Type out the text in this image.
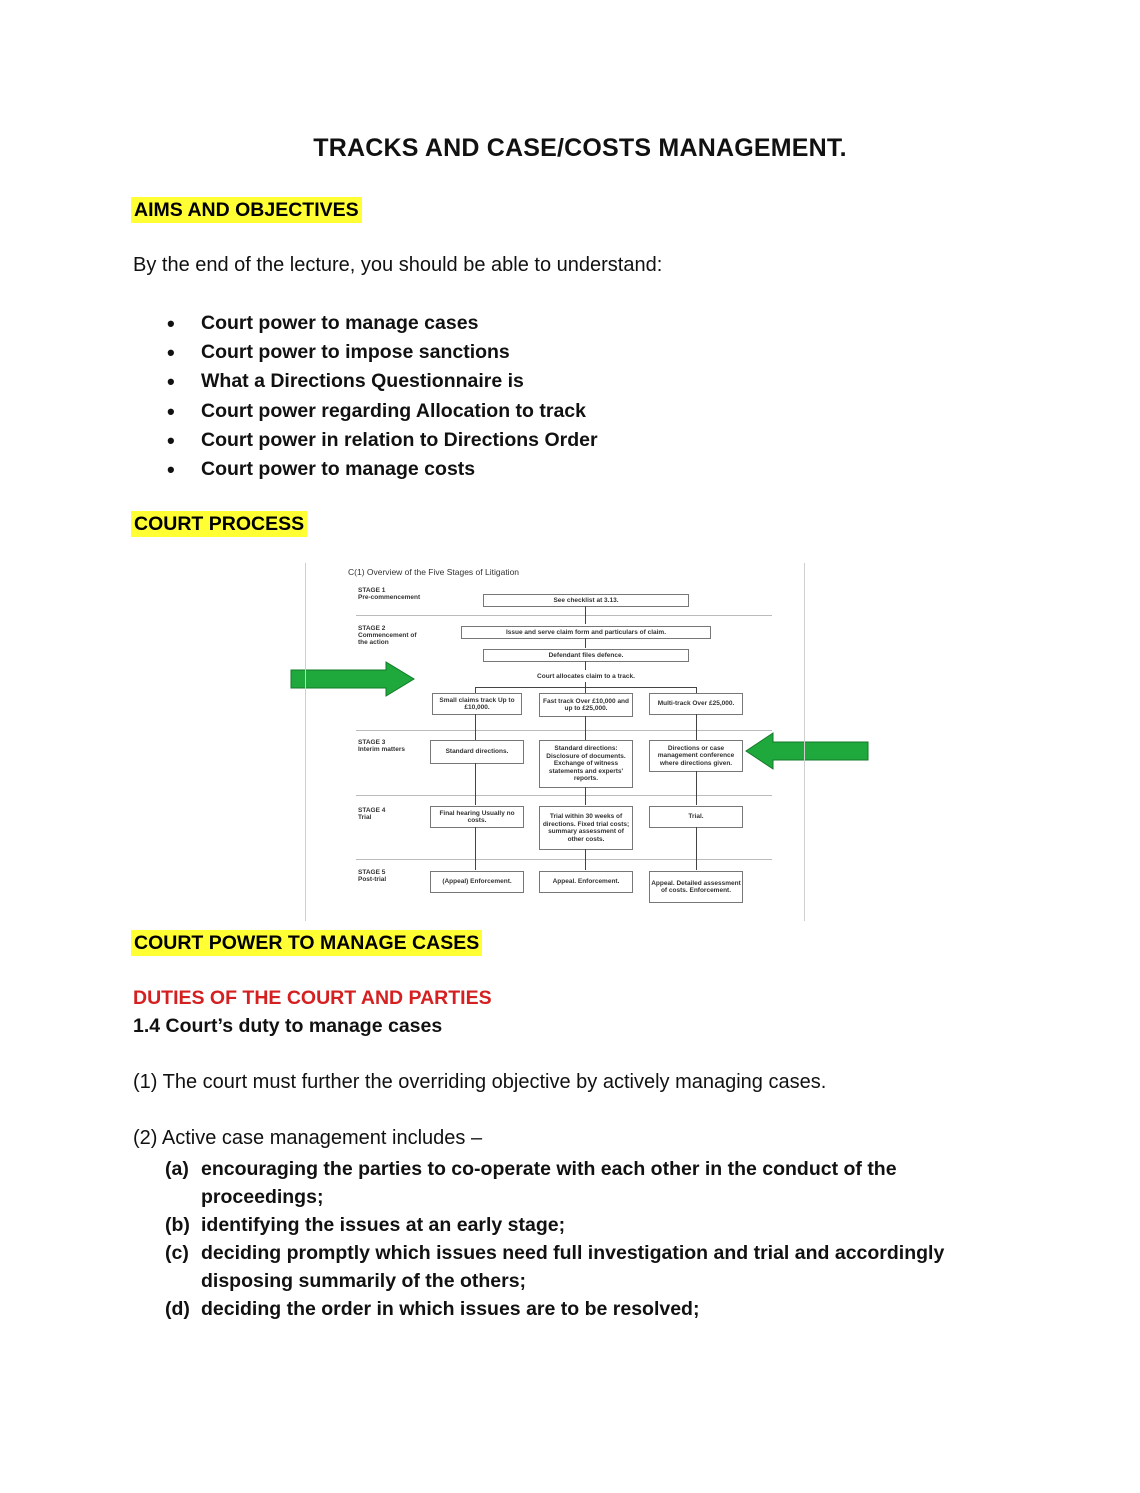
TRACKS AND CASE/COSTS MANAGEMENT.
AIMS AND OBJECTIVES
By the end of the lecture, you should be able to understand:
• Court power to manage cases
• Court power to impose sanctions
• What a Directions Questionnaire is
• Court power regarding Allocation to track
• Court power in relation to Directions Order
• Court power to manage costs
COURT PROCESS
C(1) Overview of the Five Stages of Litigation
STAGE 1
Pre-commencement
STAGE 2
Commencement of the action
STAGE 3
Interim matters
STAGE 4
Trial
STAGE 5
Post-trial
See checklist at 3.13.
Issue and serve claim form and particulars of claim.
Defendant files defence.
Court allocates claim to a track.
Small claims track Up to £10,000.
Fast track Over £10,000 and up to £25,000.
Multi-track Over £25,000.
Standard directions.	Standard directions: Disclosure of documents. Exchange of witness statements and experts' reports.
Directions or case management conference where directions given.
Final hearing Usually no costs.
Trial within 30 weeks of directions. Fixed trial costs; summary assessment of other costs.
Trial.
(Appeal) Enforcement.	Appeal. Enforcement.	Appeal. Detailed assessment of costs. Enforcement.
COURT POWER TO MANAGE CASES
DUTIES OF THE COURT AND PARTIES
1.4 Court’s duty to manage cases
(1) The court must further the overriding objective by actively managing cases.
(2) Active case management includes –
(a) encouraging the parties to co-operate with each other in the conduct of the proceedings;
(b) identifying the issues at an early stage;
(c) deciding promptly which issues need full investigation and trial and accordingly disposing summarily of the others;
(d) deciding the order in which issues are to be resolved;
